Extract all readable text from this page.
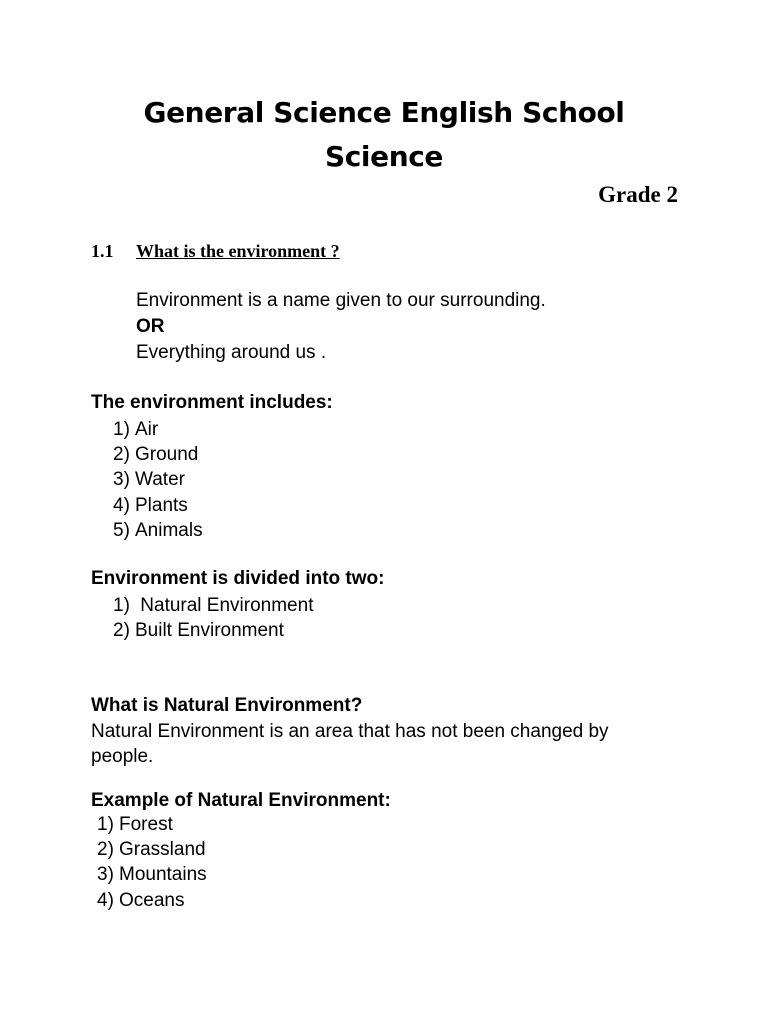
General Science English School
Science
Grade 2
1.1 What is the environment ?
Environment is a name given to our surrounding.
OR
Everything around us .
The environment includes:
1) Air
2) Ground
3) Water
4) Plants
5) Animals
Environment is divided into two:
1) Natural Environment
2) Built Environment
What is Natural Environment?
Natural Environment is an area that has not been changed by
people.
Example of Natural Environment:
1) Forest
2) Grassland
3) Mountains
4) Oceans
